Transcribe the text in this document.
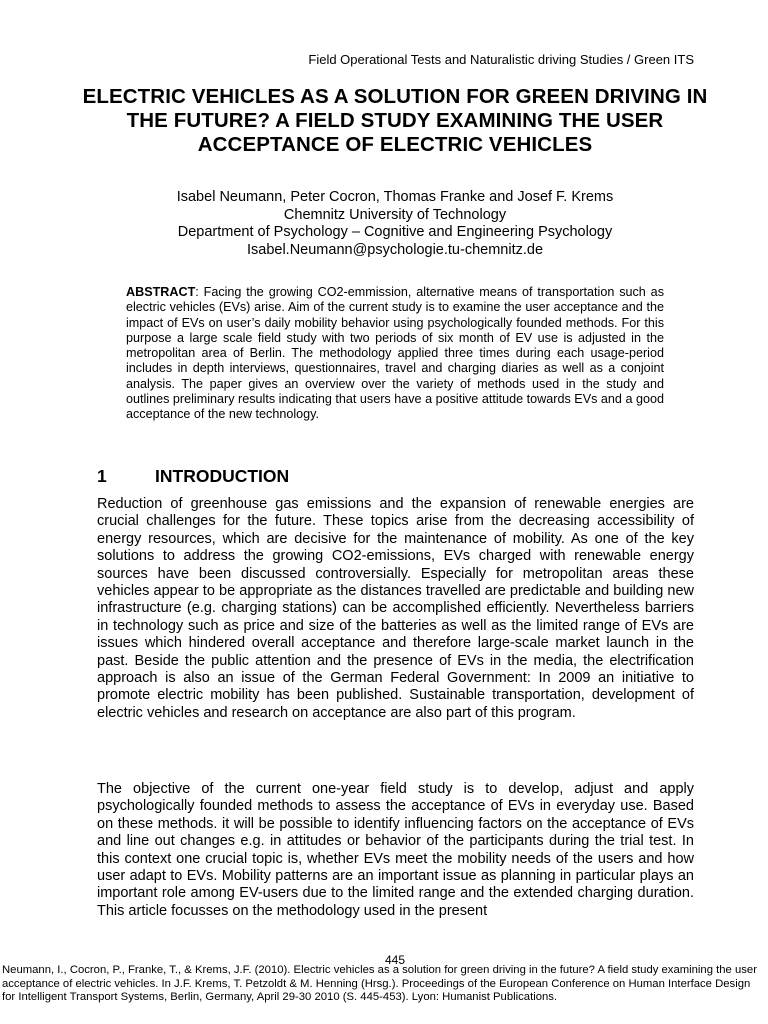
Field Operational Tests and Naturalistic driving Studies / Green ITS
ELECTRIC VEHICLES AS A SOLUTION FOR GREEN DRIVING IN THE FUTURE? A FIELD STUDY EXAMINING THE USER ACCEPTANCE OF ELECTRIC VEHICLES
Isabel Neumann, Peter Cocron, Thomas Franke and Josef F. Krems
Chemnitz University of Technology
Department of Psychology – Cognitive and Engineering Psychology
Isabel.Neumann@psychologie.tu-chemnitz.de

ABSTRACT: Facing the growing CO2-emmission, alternative means of transportation such as electric vehicles (EVs) arise. Aim of the current study is to examine the user acceptance and the impact of EVs on user’s daily mobility behavior using psychologically founded methods. For this purpose a large scale field study with two periods of six month of EV use is adjusted in the metropolitan area of Berlin. The methodology applied three times during each usage-period includes in depth interviews, questionnaires, travel and charging diaries as well as a conjoint analysis. The paper gives an overview over the variety of methods used in the study and outlines preliminary results indicating that users have a positive attitude towards EVs and a good acceptance of the new technology.

1	INTRODUCTION

Reduction of greenhouse gas emissions and the expansion of renewable energies are crucial challenges for the future. These topics arise from the decreasing accessibility of energy resources, which are decisive for the maintenance of mobility. As one of the key solutions to address the growing CO2-emissions, EVs charged with renewable energy sources have been discussed controversially. Especially for metropolitan areas these vehicles appear to be appropriate as the distances travelled are predictable and building new infrastructure (e.g. charging stations) can be accomplished efficiently. Nevertheless barriers in technology such as price and size of the batteries as well as the limited range of EVs are issues which hindered overall acceptance and therefore large-scale market launch in the past. Beside the public attention and the presence of EVs in the media, the electrification approach is also an issue of the German Federal Government: In 2009 an initiative to promote electric mobility has been published. Sustainable transportation, development of electric vehicles and research on acceptance are also part of this program.

The objective of the current one-year field study is to develop, adjust and apply psychologically founded methods to assess the acceptance of EVs in everyday use. Based on these methods. it will be possible to identify influencing factors on the acceptance of EVs and line out changes e.g. in attitudes or behavior of the participants during the trial test. In this context one crucial topic is, whether EVs meet the mobility needs of the users and how user adapt to EVs. Mobility patterns are an important issue as planning in particular plays an important role among EV-users due to the limited range and the extended charging duration. This article focusses on the methodology used in the present

445

Neumann, I., Cocron, P., Franke, T., & Krems, J.F. (2010). Electric vehicles as a solution for green driving in the future? A field study examining the user acceptance of electric vehicles. In J.F. Krems, T. Petzoldt & M. Henning (Hrsg.). Proceedings of the European Conference on Human Interface Design for Intelligent Transport Systems, Berlin, Germany, April 29-30 2010 (S. 445-453). Lyon: Humanist Publications.
